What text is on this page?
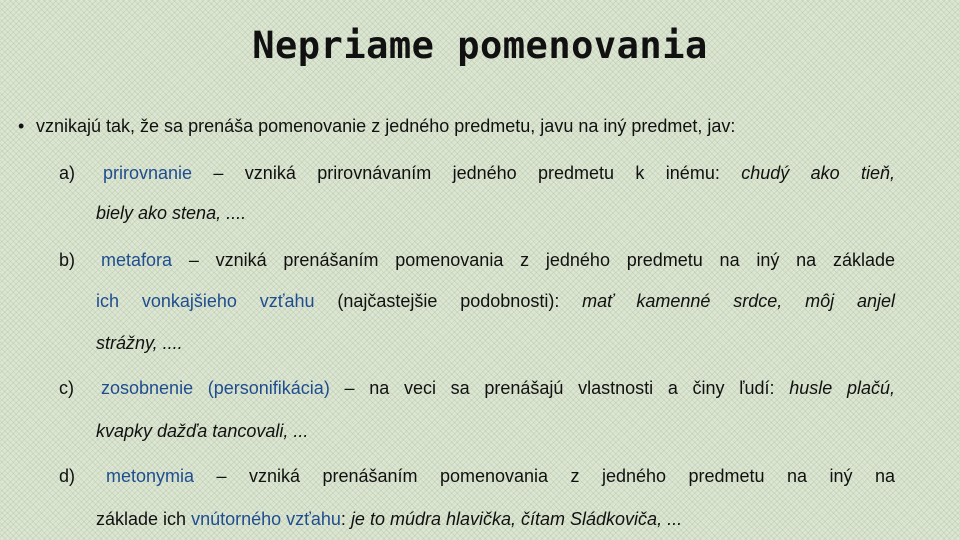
Nepriame pomenovania
• vznikajú tak, že sa prenáša pomenovanie z jedného predmetu, javu na iný predmet, jav:
a) prirovnanie – vzniká prirovnávaním jedného predmetu k inému: chudý ako tieň,
biely ako stena, ....
b) metafora – vzniká prenášaním pomenovania z jedného predmetu na iný na základe
ich vonkajšieho vzťahu (najčastejšie podobnosti): mať kamenné srdce, môj anjel
strážny, ....
c) zosobnenie (personifikácia) – na veci sa prenášajú vlastnosti a činy ľudí: husle plačú,
kvapky dažďa tancovali, ...
d) metonymia – vzniká prenášaním pomenovania z jedného predmetu na iný na
základe ich vnútorného vzťahu: je to múdra hlavička, čítam Sládkoviča, ...
